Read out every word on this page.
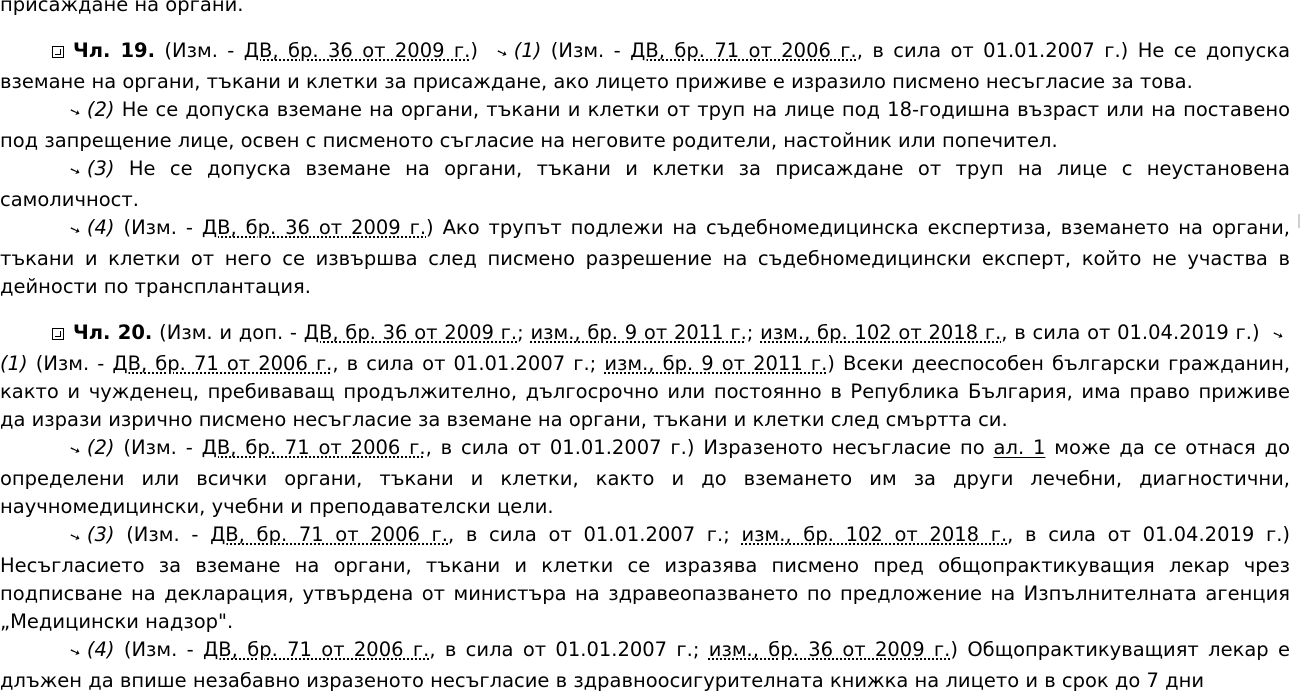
присаждане на органи.

Чл. 19. (Изм. - ДВ, бр. 36 от 2009 г.) ➘ (1) (Изм. - ДВ, бр. 71 от 2006 г., в сила от 01.01.2007 г.) Не се допуска вземане на органи, тъкани и клетки за присаждане, ако лицето приживе е изразило писмено несъгласие за това.

➘ (2) Не се допуска вземане на органи, тъкани и клетки от труп на лице под 18-годишна възраст или на поставено под запрещение лице, освен с писменото съгласие на неговите родители, настойник или попечител.

➘ (3) Не се допуска вземане на органи, тъкани и клетки за присаждане от труп на лице с неустановена самоличност.

➘ (4) (Изм. - ДВ, бр. 36 от 2009 г.) Ако трупът подлежи на съдебномедицинска експертиза, вземането на органи, тъкани и клетки от него се извършва след писмено разрешение на съдебномедицински експерт, който не участва в дейности по трансплантация.

Чл. 20. (Изм. и доп. - ДВ, бр. 36 от 2009 г.; изм., бр. 9 от 2011 г.; изм., бр. 102 от 2018 г., в сила от 01.04.2019 г.) ➘(1) (Изм. - ДВ, бр. 71 от 2006 г., в сила от 01.01.2007 г.; изм., бр. 9 от 2011 г.) Всеки дееспособен български гражданин, както и чужденец, пребиваващ продължително, дългосрочно или постоянно в Република България, има право приживе да изрази изрично писмено несъгласие за вземане на органи, тъкани и клетки след смъртта си.

➘ (2) (Изм. - ДВ, бр. 71 от 2006 г., в сила от 01.01.2007 г.) Изразеното несъгласие по ал. 1 може да се отнася до определени или всички органи, тъкани и клетки, както и до вземането им за други лечебни, диагностични, научномедицински, учебни и преподавателски цели.

➘ (3) (Изм. - ДВ, бр. 71 от 2006 г., в сила от 01.01.2007 г.; изм., бр. 102 от 2018 г., в сила от 01.04.2019 г.) Несъгласието за вземане на органи, тъкани и клетки се изразява писмено пред общопрактикуващия лекар чрез подписване на декларация, утвърдена от министъра на здравеопазването по предложение на Изпълнителната агенция „Медицински надзор".

➘ (4) (Изм. - ДВ, бр. 71 от 2006 г., в сила от 01.01.2007 г.; изм., бр. 36 от 2009 г.) Общопрактикуващият лекар е длъжен да впише незабавно изразеното несъгласие в здравноосигурителната книжка на лицето и в срок до 7 дни
